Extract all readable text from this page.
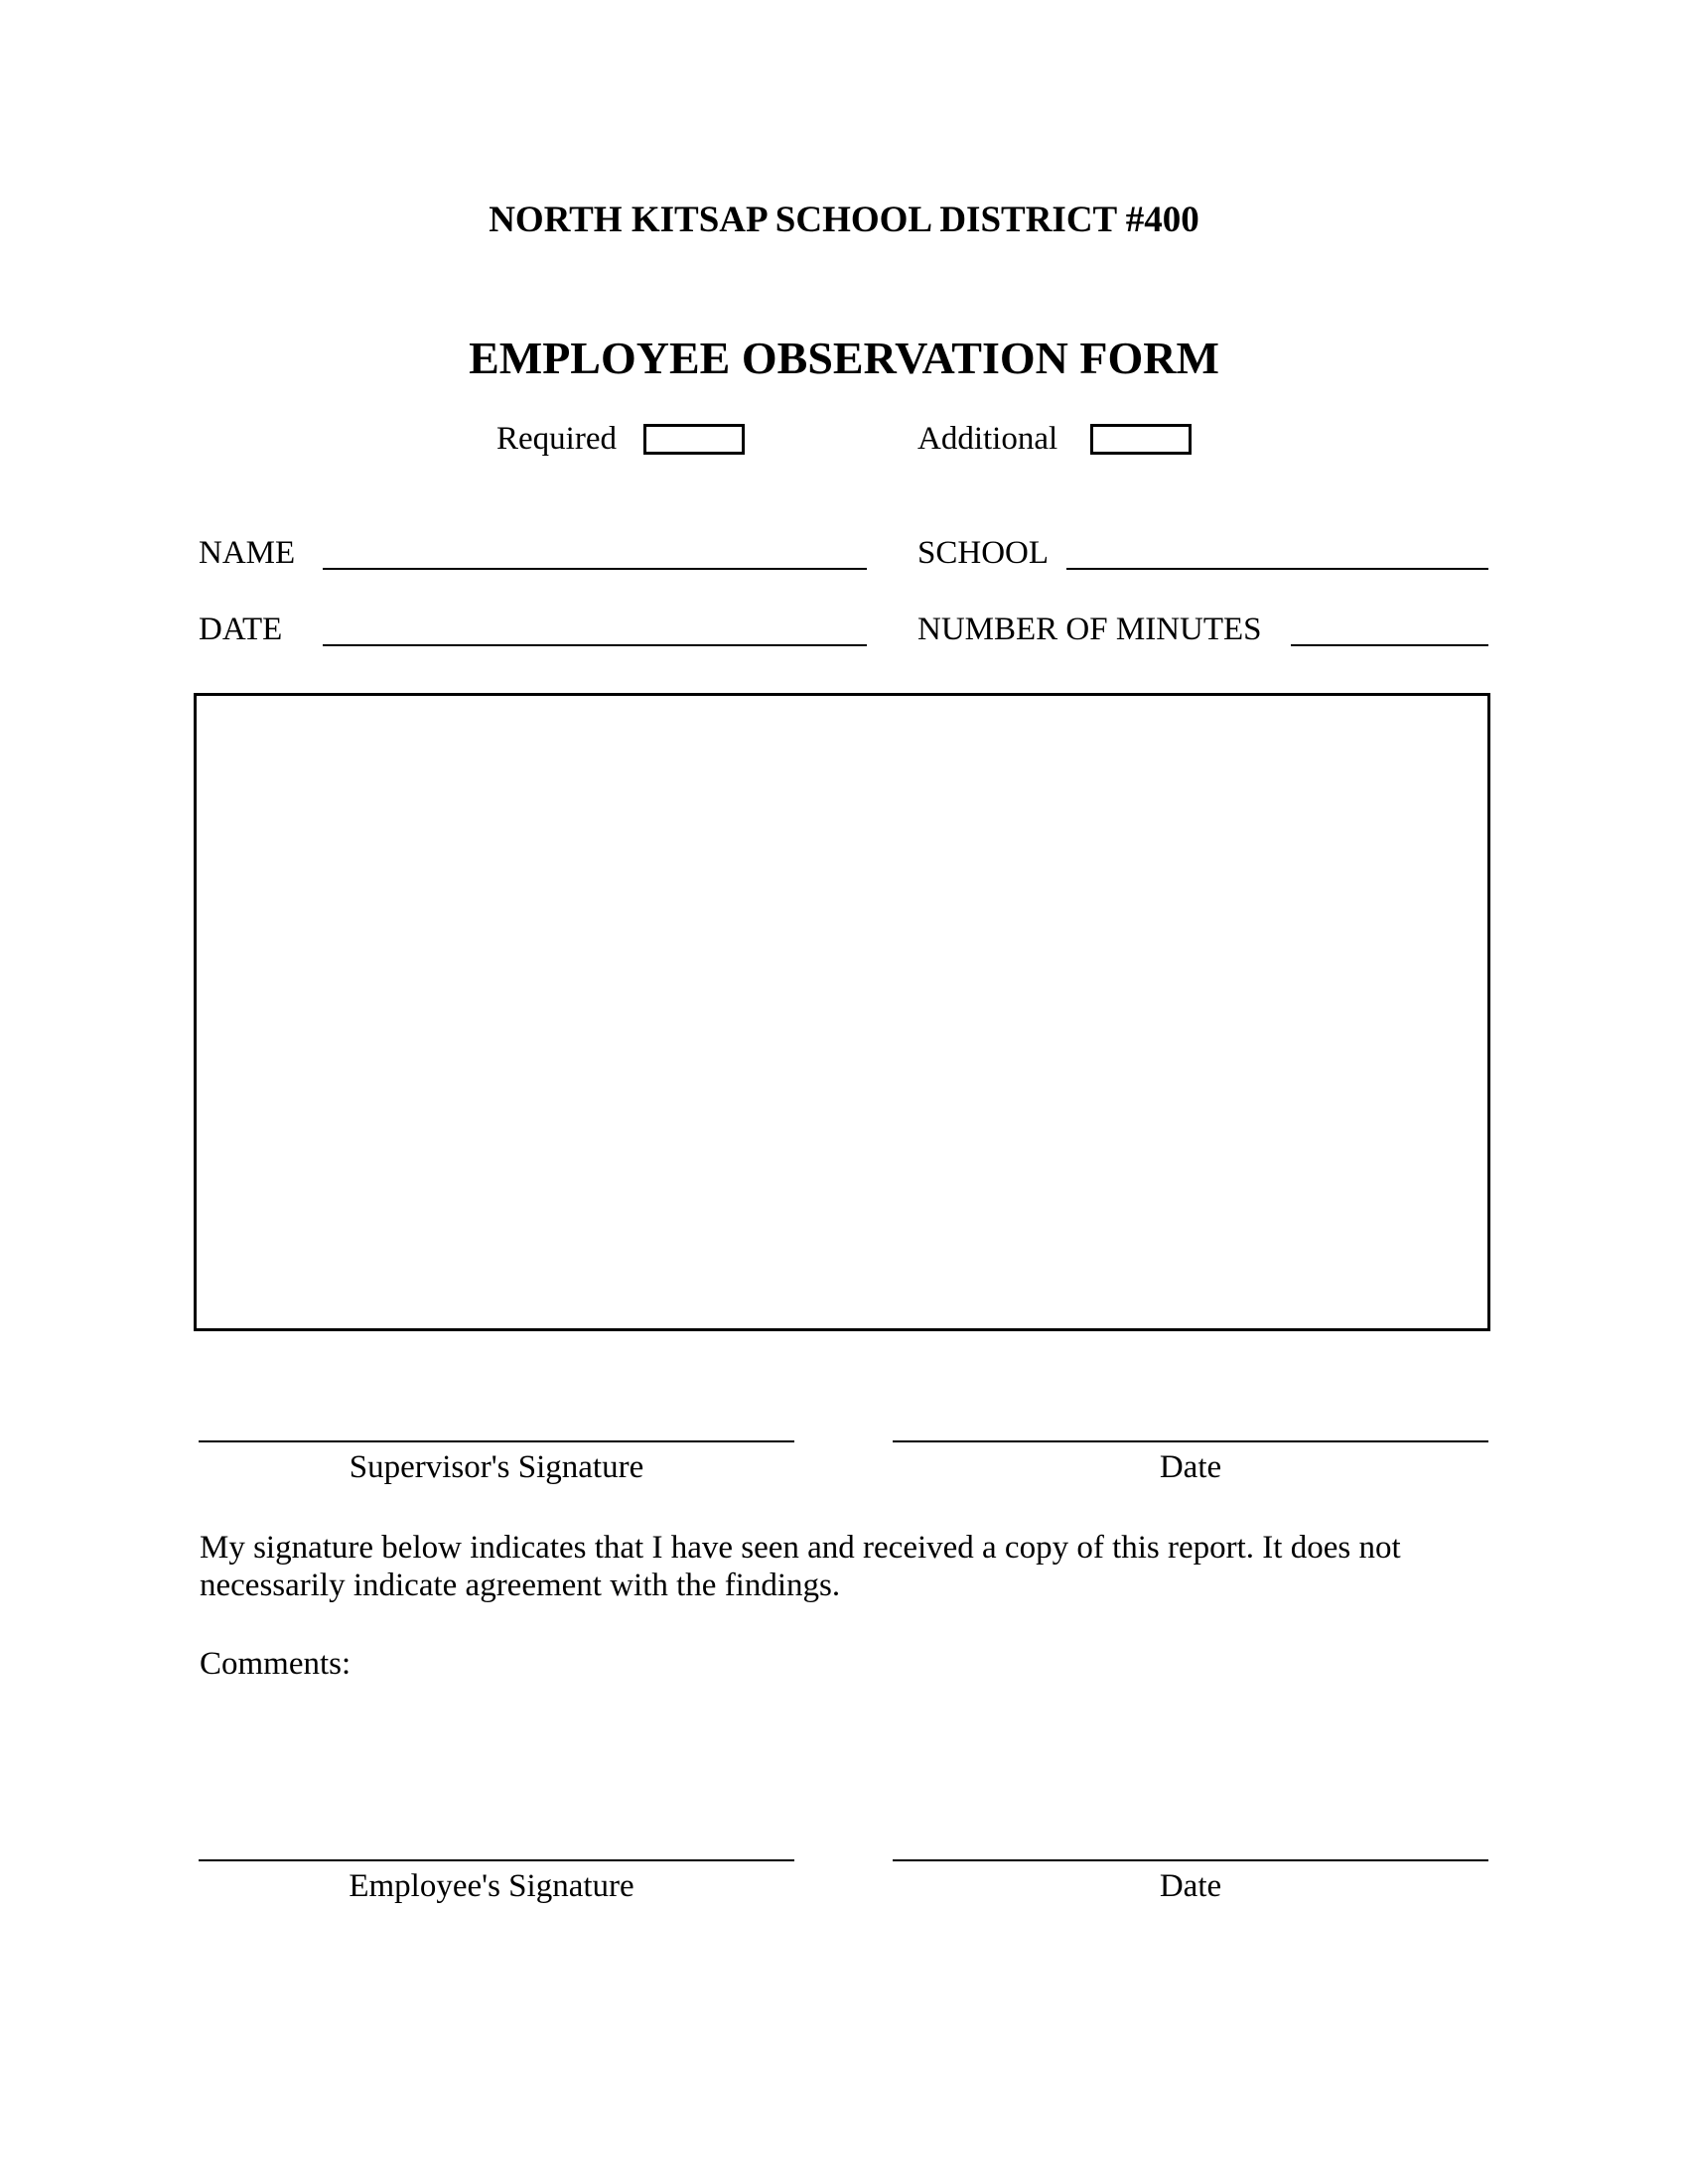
NORTH KITSAP SCHOOL DISTRICT #400
EMPLOYEE OBSERVATION FORM
Required	Additional
NAME	SCHOOL
DATE	NUMBER OF MINUTES
Supervisor's Signature	Date
My signature below indicates that I have seen and received a copy of this report. It does not necessarily indicate agreement with the findings.
Comments:
Employee's Signature	Date
